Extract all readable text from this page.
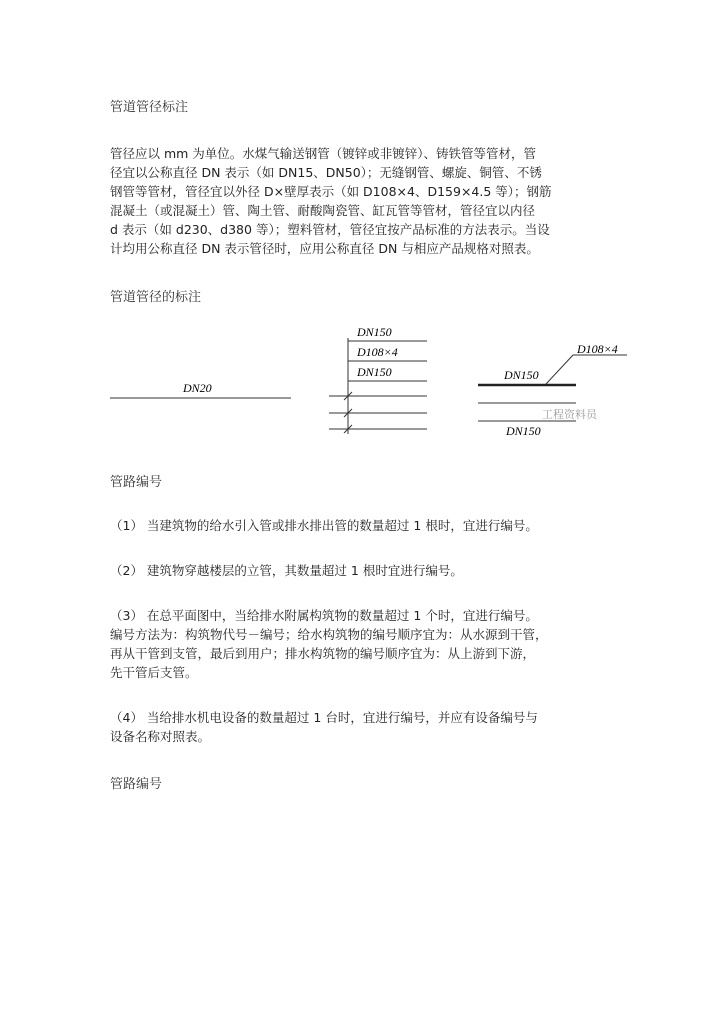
管道管径标注
管径应以 mm 为单位。水煤气输送钢管（镀锌或非镀锌）、铸铁管等管材，管
径宜以公称直径 DN 表示（如 DN15、DN50）；无缝钢管、螺旋、铜管、不锈
钢管等管材，管径宜以外径 D×壁厚表示（如 D108×4、D159×4.5 等）；钢筋
混凝土（或混凝土）管、陶土管、耐酸陶瓷管、缸瓦管等管材，管径宜以内径
d 表示（如 d230、d380 等）；塑料管材，管径宜按产品标准的方法表示。当设
计均用公称直径 DN 表示管径时，应用公称直径 DN 与相应产品规格对照表。
管道管径的标注
DN20
DN150
D108×4
DN150
D108×4
DN150
DN150
工程资料员
管路编号
（1） 当建筑物的给水引入管或排水排出管的数量超过 1 根时，宜进行编号。
（2） 建筑物穿越楼层的立管，其数量超过 1 根时宜进行编号。
（3） 在总平面图中，当给排水附属构筑物的数量超过 1 个时，宜进行编号。
编号方法为：构筑物代号－编号；给水构筑物的编号顺序宜为：从水源到干管，
再从干管到支管，最后到用户；排水构筑物的编号顺序宜为：从上游到下游，
先干管后支管。
（4） 当给排水机电设备的数量超过 1 台时，宜进行编号，并应有设备编号与
设备名称对照表。
管路编号
